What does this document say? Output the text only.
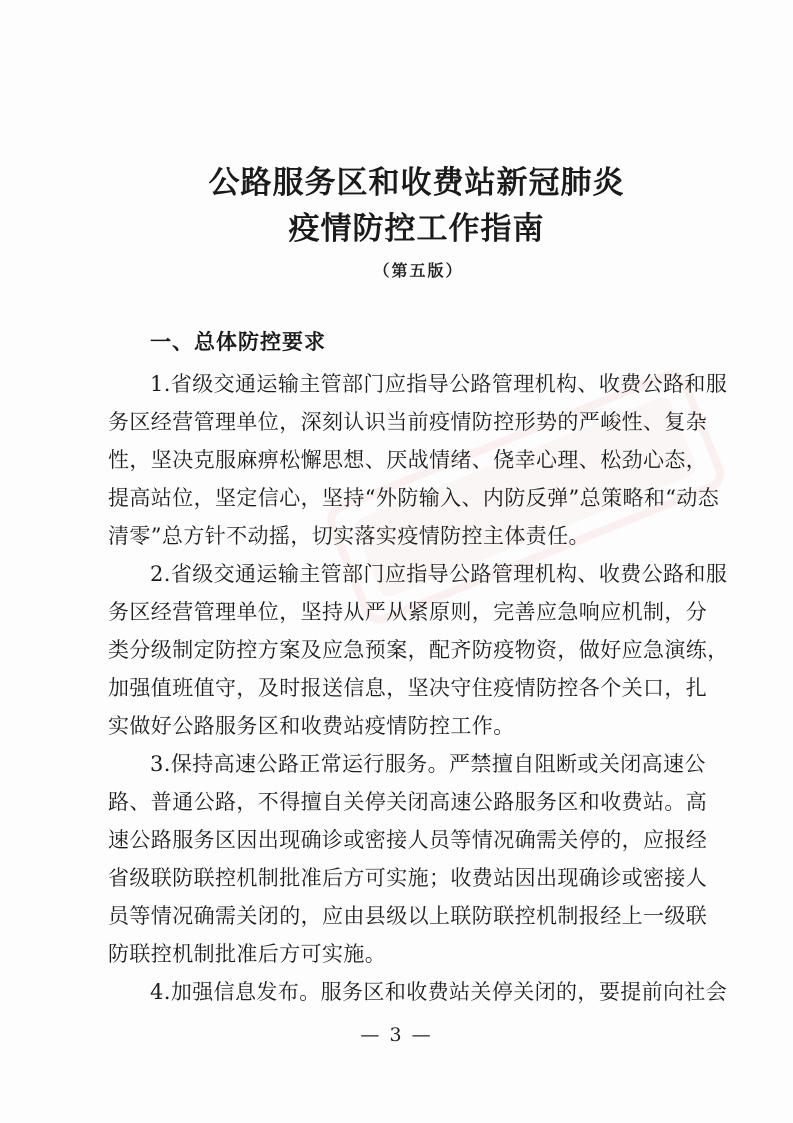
公路服务区和收费站新冠肺炎
疫情防控工作指南
（第五版）
一、总体防控要求
1.省级交通运输主管部门应指导公路管理机构、收费公路和服
务区经营管理单位，深刻认识当前疫情防控形势的严峻性、复杂
性，坚决克服麻痹松懈思想、厌战情绪、侥幸心理、松劲心态，
提高站位，坚定信心，坚持“外防输入、内防反弹”总策略和“动态
清零”总方针不动摇，切实落实疫情防控主体责任。
2.省级交通运输主管部门应指导公路管理机构、收费公路和服
务区经营管理单位，坚持从严从紧原则，完善应急响应机制，分
类分级制定防控方案及应急预案，配齐防疫物资，做好应急演练，
加强值班值守，及时报送信息，坚决守住疫情防控各个关口，扎
实做好公路服务区和收费站疫情防控工作。
3.保持高速公路正常运行服务。严禁擅自阻断或关闭高速公
路、普通公路，不得擅自关停关闭高速公路服务区和收费站。高
速公路服务区因出现确诊或密接人员等情况确需关停的，应报经
省级联防联控机制批准后方可实施；收费站因出现确诊或密接人
员等情况确需关闭的，应由县级以上联防联控机制报经上一级联
防联控机制批准后方可实施。
4.加强信息发布。服务区和收费站关停关闭的，要提前向社会
— 3 —
